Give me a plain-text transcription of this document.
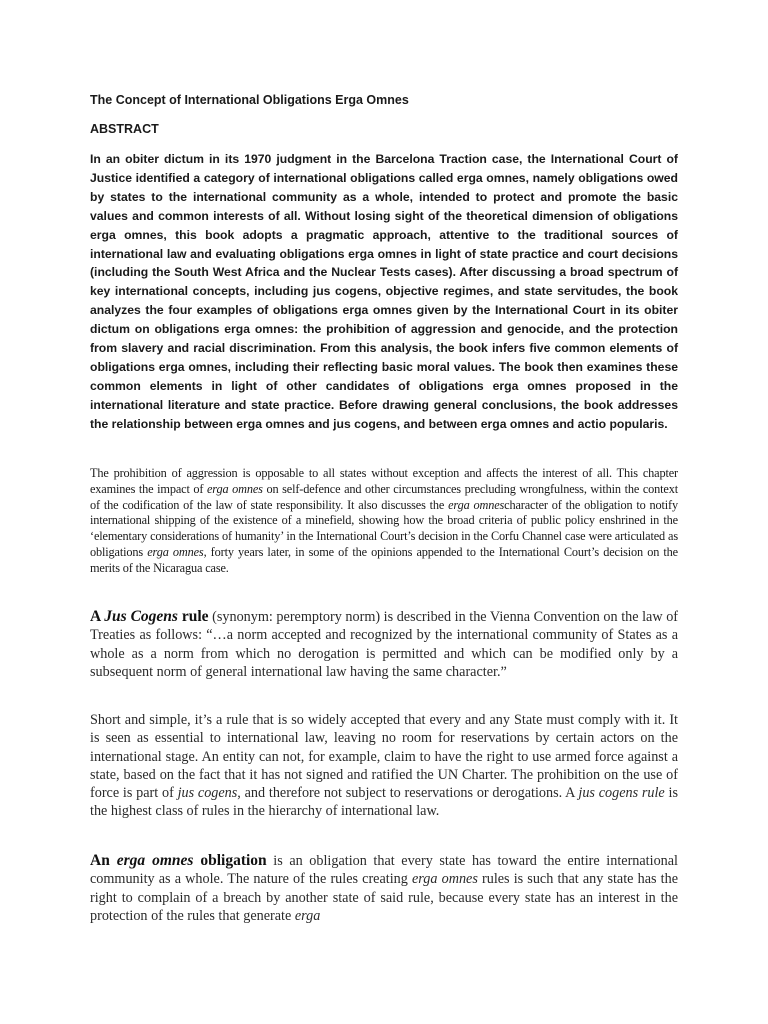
The Concept of International Obligations Erga Omnes
ABSTRACT

In an obiter dictum in its 1970 judgment in the Barcelona Traction case, the International Court of Justice identified a category of international obligations called erga omnes, namely obligations owed by states to the international community as a whole, intended to protect and promote the basic values and common interests of all. Without losing sight of the theoretical dimension of obligations erga omnes, this book adopts a pragmatic approach, attentive to the traditional sources of international law and evaluating obligations erga omnes in light of state practice and court decisions (including the South West Africa and the Nuclear Tests cases). After discussing a broad spectrum of key international concepts, including jus cogens, objective regimes, and state servitudes, the book analyzes the four examples of obligations erga omnes given by the International Court in its obiter dictum on obligations erga omnes: the prohibition of aggression and genocide, and the protection from slavery and racial discrimination. From this analysis, the book infers five common elements of obligations erga omnes, including their reflecting basic moral values. The book then examines these common elements in light of other candidates of obligations erga omnes proposed in the international literature and state practice. Before drawing general conclusions, the book addresses the relationship between erga omnes and jus cogens, and between erga omnes and actio popularis.

The prohibition of aggression is opposable to all states without exception and affects the interest of all. This chapter examines the impact of erga omnes on self-defence and other circumstances precluding wrongfulness, within the context of the codification of the law of state responsibility. It also discusses the erga omnescharacter of the obligation to notify international shipping of the existence of a minefield, showing how the broad criteria of public policy enshrined in the ‘elementary considerations of humanity’ in the International Court’s decision in the Corfu Channel case were articulated as obligations erga omnes, forty years later, in some of the opinions appended to the International Court’s decision on the merits of the Nicaragua case.

A Jus Cogens rule (synonym: peremptory norm) is described in the Vienna Convention on the law of Treaties as follows: “…a norm accepted and recognized by the international community of States as a whole as a norm from which no derogation is permitted and which can be modified only by a subsequent norm of general international law having the same character.”

Short and simple, it’s a rule that is so widely accepted that every and any State must comply with it. It is seen as essential to international law, leaving no room for reservations by certain actors on the international stage. An entity can not, for example, claim to have the right to use armed force against a state, based on the fact that it has not signed and ratified the UN Charter. The prohibition on the use of force is part of jus cogens, and therefore not subject to reservations or derogations. A jus cogens rule is the highest class of rules in the hierarchy of international law.

An erga omnes obligation is an obligation that every state has toward the entire international community as a whole. The nature of the rules creating erga omnes rules is such that any state has the right to complain of a breach by another state of said rule, because every state has an interest in the protection of the rules that generate erga
